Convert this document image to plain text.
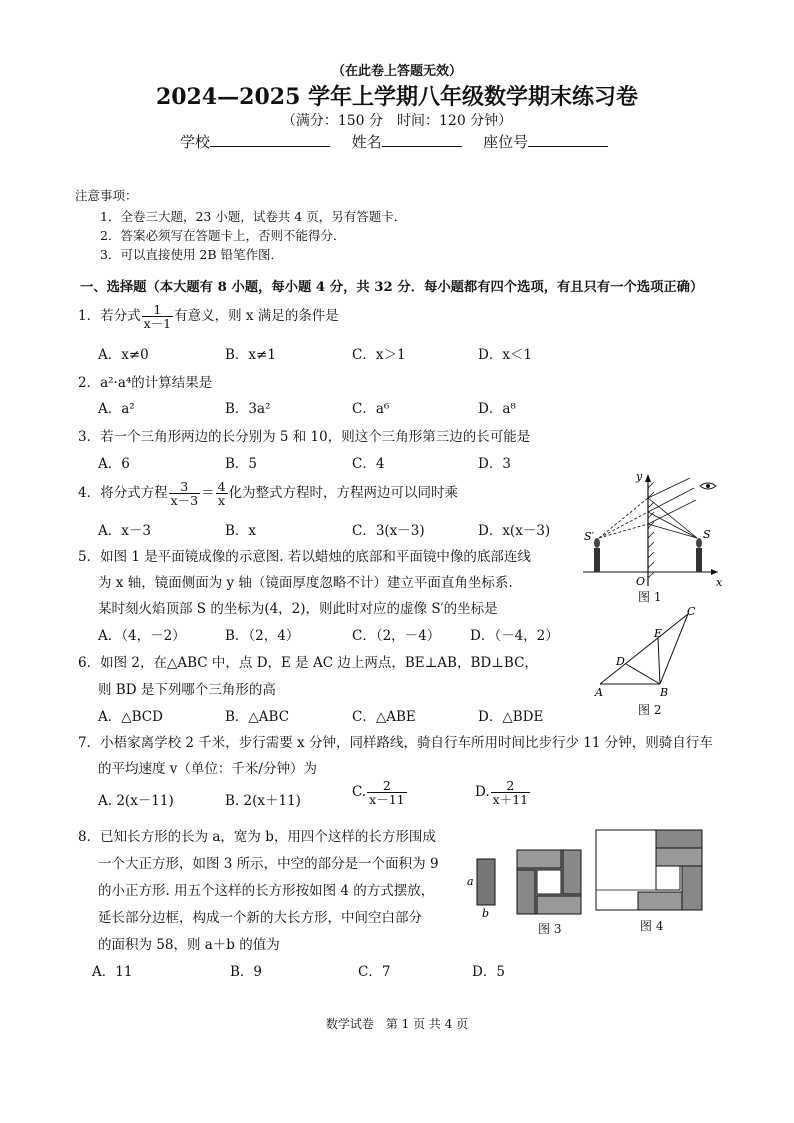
（在此卷上答题无效）
2024—2025 学年上学期八年级数学期末练习卷
（满分：150 分　时间：120 分钟）
学校	姓名	座位号
注意事项：
1．全卷三大题，23 小题，试卷共 4 页，另有答题卡．
2．答案必须写在答题卡上，否则不能得分．
3．可以直接使用 2B 铅笔作图．
一、选择题（本大题有 8 小题，每小题 4 分，共 32 分．每小题都有四个选项，有且只有一个选项正确）
1．若分式 $\frac{1}{x-1}$ 有意义，则 x 满足的条件是
A．x≠0	B．x≠1	C．x＞1	D．x＜1
2．a²·a⁴的计算结果是
A．a²	B．3a²	C．a⁶	D．a⁸
3．若一个三角形两边的长分别为 5 和 10，则这个三角形第三边的长可能是
A．6	B．5	C．4	D．3
4．将分式方程 $\frac{3}{x-3} = \frac{4}{x}$ 化为整式方程时，方程两边可以同时乘
A．x－3	B．x	C．3(x－3)	D．x(x－3)
5．如图 1 是平面镜成像的示意图. 若以蜡烛的底部和平面镜中像的底部连线
为 x 轴，镜面侧面为 y 轴（镜面厚度忽略不计）建立平面直角坐标系.
某时刻火焰顶部 S 的坐标为(4，2)，则此时对应的虚像 S′的坐标是
A．（4，－2）	B．（2，4）	C．（2，－4） D．（－4，2）
6．如图 2，在△ABC 中，点 D，E 是 AC 边上两点，BE⊥AB，BD⊥BC，
则 BD 是下列哪个三角形的高
A．△BCD	B．△ABC	C．△ABE	D．△BDE
7．小梧家离学校 2 千米，步行需要 x 分钟，同样路线，骑自行车所用时间比步行少 11 分钟，则骑自行车
的平均速度 v（单位：千米/分钟）为
A. 2(x－11)	B. 2(x＋11)
C. $\frac{2}{x-11}$	D. $\frac{2}{x+11}$
8．已知长方形的长为 a，宽为 b，用四个这样的长方形围成
一个大正方形，如图 3 所示，中空的部分是一个面积为 9
的小正方形. 用五个这样的长方形按如图 4 的方式摆放，
延长部分边框，构成一个新的大长方形，中间空白部分
的面积为 58，则 a＋b 的值为
A．11	B．9	C．7	D．5
y
x
O
S′	S
图 1
A	B
C
D
E
图 2
a
b
图 3	图 4
数学试卷　第 1 页 共 4 页
